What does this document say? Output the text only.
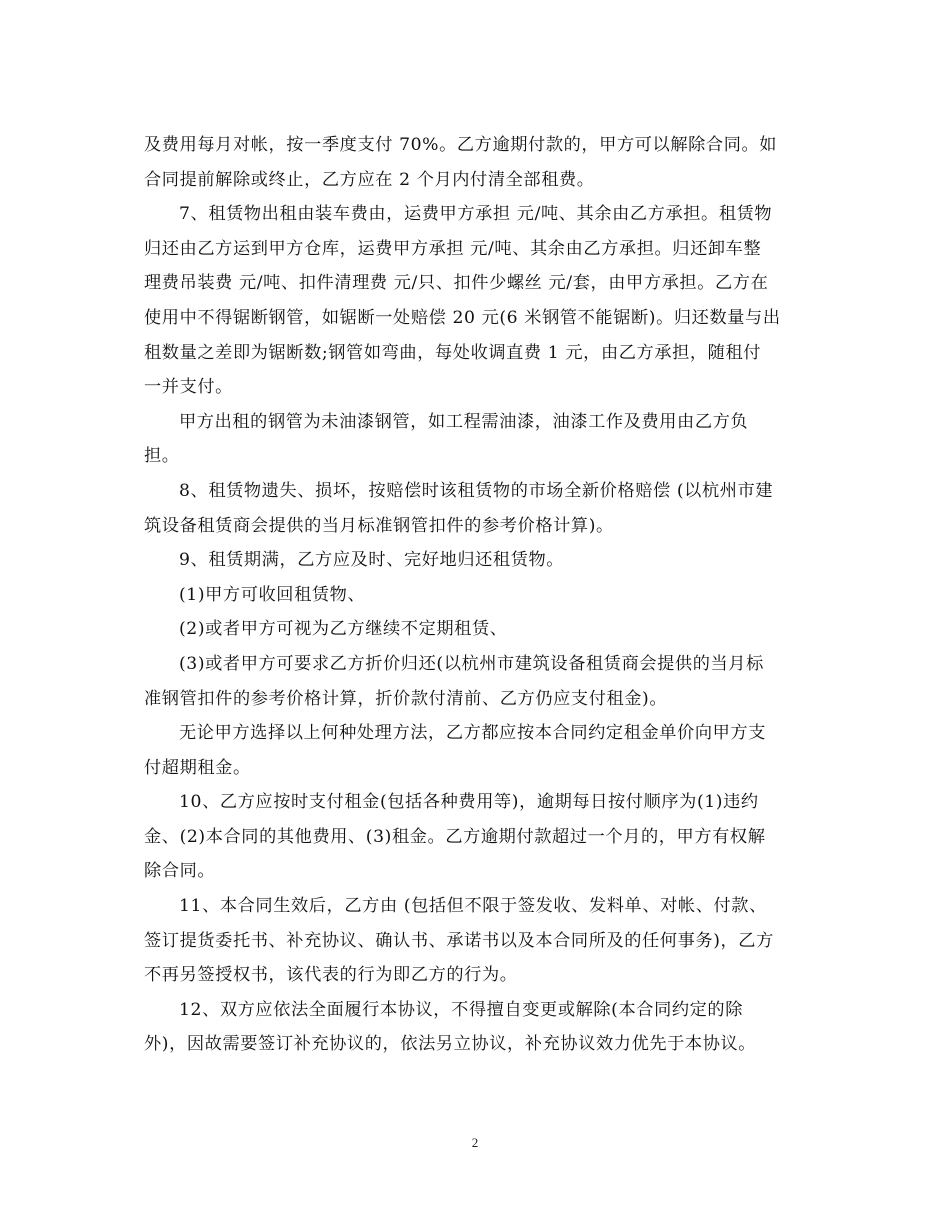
及费用每月对帐，按一季度支付 70%。乙方逾期付款的，甲方可以解除合同。如
合同提前解除或终止，乙方应在 2 个月内付清全部租费。

7、租赁物出租由装车费由，运费甲方承担 元/吨、其余由乙方承担。租赁物
归还由乙方运到甲方仓库，运费甲方承担 元/吨、其余由乙方承担。归还卸车整
理费吊装费 元/吨、扣件清理费 元/只、扣件少螺丝 元/套，由甲方承担。乙方在
使用中不得锯断钢管，如锯断一处赔偿 20 元(6 米钢管不能锯断)。归还数量与出
租数量之差即为锯断数;钢管如弯曲，每处收调直费 1 元，由乙方承担，随租付
一并支付。

甲方出租的钢管为未油漆钢管，如工程需油漆，油漆工作及费用由乙方负
担。

8、租赁物遗失、损坏，按赔偿时该租赁物的市场全新价格赔偿 (以杭州市建
筑设备租赁商会提供的当月标准钢管扣件的参考价格计算)。

9、租赁期满，乙方应及时、完好地归还租赁物。

(1)甲方可收回租赁物、

(2)或者甲方可视为乙方继续不定期租赁、

(3)或者甲方可要求乙方折价归还(以杭州市建筑设备租赁商会提供的当月标
准钢管扣件的参考价格计算，折价款付清前、乙方仍应支付租金)。

无论甲方选择以上何种处理方法，乙方都应按本合同约定租金单价向甲方支
付超期租金。

10、乙方应按时支付租金(包括各种费用等)，逾期每日按付顺序为(1)违约
金、(2)本合同的其他费用、(3)租金。乙方逾期付款超过一个月的，甲方有权解
除合同。

11、本合同生效后，乙方由 (包括但不限于签发收、发料单、对帐、付款、
签订提货委托书、补充协议、确认书、承诺书以及本合同所及的任何事务)，乙方
不再另签授权书，该代表的行为即乙方的行为。

12、双方应依法全面履行本协议，不得擅自变更或解除(本合同约定的除
外)，因故需要签订补充协议的，依法另立协议，补充协议效力优先于本协议。

2
